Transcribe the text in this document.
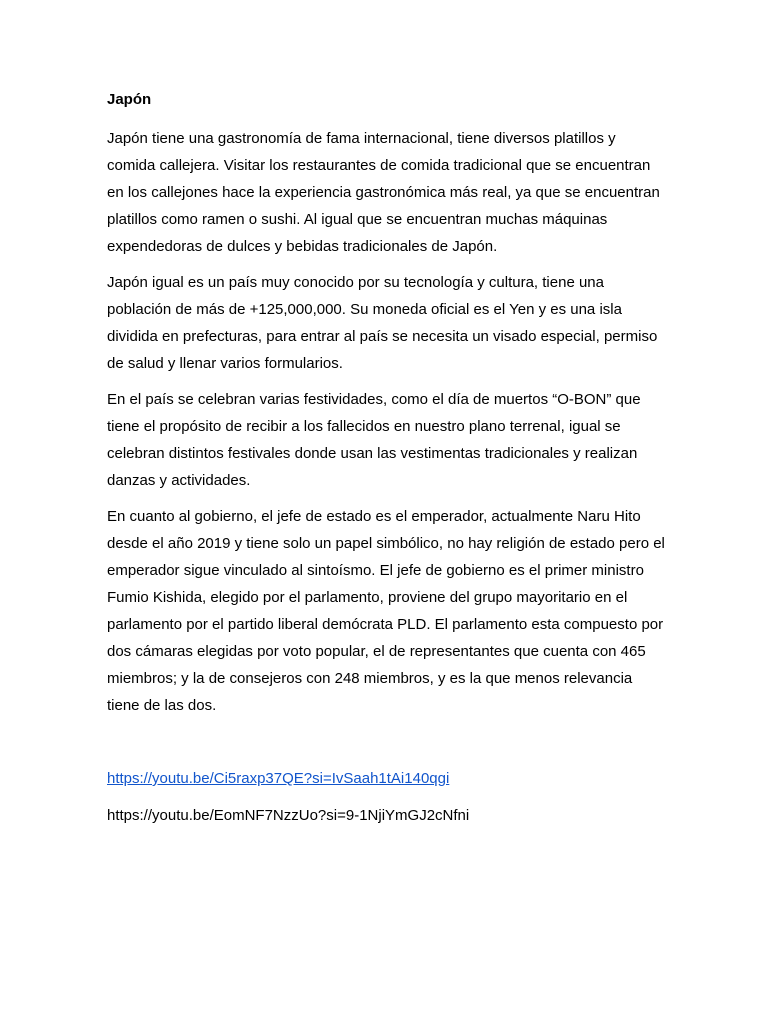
Japón

Japón tiene una gastronomía de fama internacional, tiene diversos platillos y comida callejera. Visitar los restaurantes de comida tradicional que se encuentran en los callejones hace la experiencia gastronómica más real, ya que se encuentran platillos como ramen o sushi. Al igual que se encuentran muchas máquinas expendedoras de dulces y bebidas tradicionales de Japón.

Japón igual es un país muy conocido por su tecnología y cultura, tiene una población de más de +125,000,000. Su moneda oficial es el Yen y es una isla dividida en prefecturas, para entrar al país se necesita un visado especial, permiso de salud y llenar varios formularios.

En el país se celebran varias festividades, como el día de muertos “O-BON” que tiene el propósito de recibir a los fallecidos en nuestro plano terrenal, igual se celebran distintos festivales donde usan las vestimentas tradicionales y realizan danzas y actividades.

En cuanto al gobierno, el jefe de estado es el emperador, actualmente Naru Hito desde el año 2019 y tiene solo un papel simbólico, no hay religión de estado pero el emperador sigue vinculado al sintoísmo. El jefe de gobierno es el primer ministro Fumio Kishida, elegido por el parlamento, proviene del grupo mayoritario en el parlamento por el partido liberal demócrata PLD. El parlamento esta compuesto por dos cámaras elegidas por voto popular, el de representantes que cuenta con 465 miembros; y la de consejeros con 248 miembros, y es la que menos relevancia tiene de las dos.

https://youtu.be/Ci5raxp37QE?si=IvSaah1tAi140qgi
https://youtu.be/EomNF7NzzUo?si=9-1NjiYmGJ2cNfni
